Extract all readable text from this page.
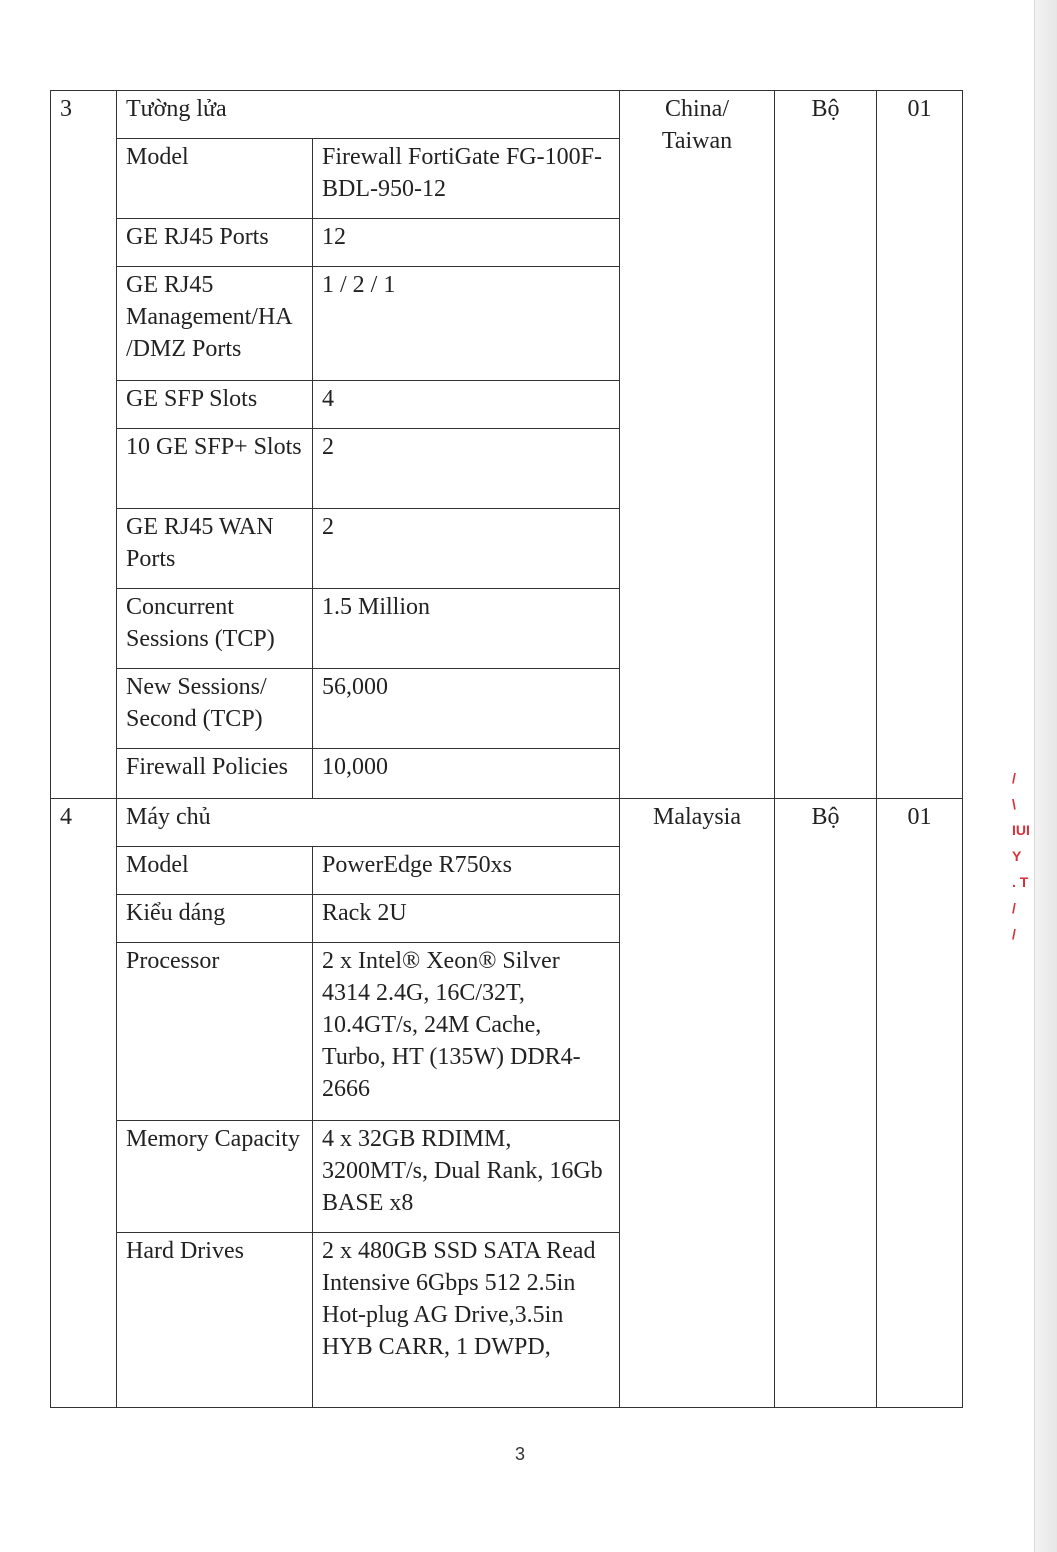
3	Tường lửa		China/ Taiwan	Bộ	01
	Model	Firewall FortiGate FG-100F-BDL-950-12			
	GE RJ45 Ports	12			
	GE RJ45 Management/HA /DMZ Ports	1 / 2 / 1			
	GE SFP Slots	4			
	10 GE SFP+ Slots	2			
	GE RJ45 WAN Ports	2			
	Concurrent Sessions (TCP)	1.5 Million			
	New Sessions/ Second (TCP)	56,000			
	Firewall Policies	10,000			
4	Máy chủ		Malaysia	Bộ	01
	Model	PowerEdge R750xs			
	Kiểu dáng	Rack 2U			
	Processor	2 x Intel® Xeon® Silver 4314 2.4G, 16C/32T, 10.4GT/s, 24M Cache, Turbo, HT (135W) DDR4-2666			
	Memory Capacity	4 x 32GB RDIMM, 3200MT/s, Dual Rank, 16Gb BASE x8			
	Hard Drives	2 x 480GB SSD SATA Read Intensive 6Gbps 512 2.5in Hot-plug AG Drive,3.5in HYB CARR, 1 DWPD,			
3
/
\
IUI
Y
. T
/
/
